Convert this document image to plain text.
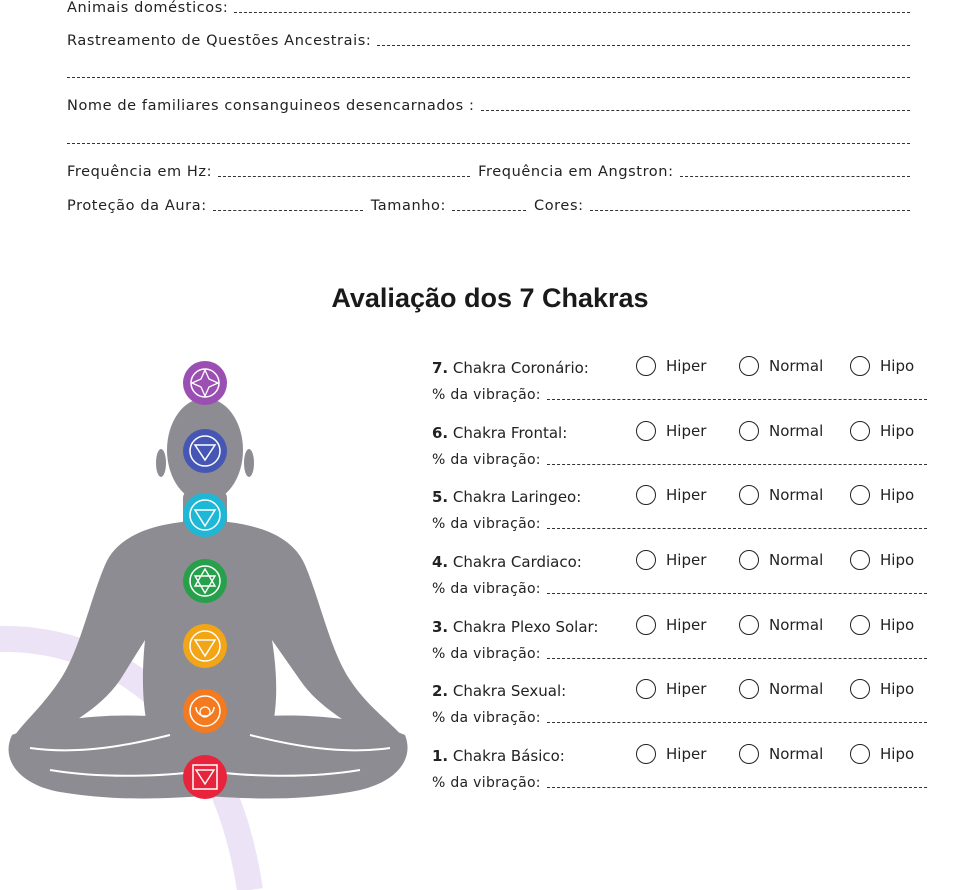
Animais domésticos:
Rastreamento de Questões Ancestrais:
Nome de familiares consanguineos desencarnados :
Frequência em Hz:	Frequência em Angstron:
Proteção da Aura:	Tamanho:	Cores:
Avaliação dos 7 Chakras
7. Chakra Coronário:	Hiper	Normal	Hipo
% da vibração:
6. Chakra Frontal:	Hiper	Normal	Hipo
% da vibração:
5. Chakra Laringeo:	Hiper	Normal	Hipo
% da vibração:
4. Chakra Cardiaco:	Hiper	Normal	Hipo
% da vibração:
3. Chakra Plexo Solar:	Hiper	Normal	Hipo
% da vibração:
2. Chakra Sexual:	Hiper	Normal	Hipo
% da vibração:
1. Chakra Básico:	Hiper	Normal	Hipo
% da vibração:
